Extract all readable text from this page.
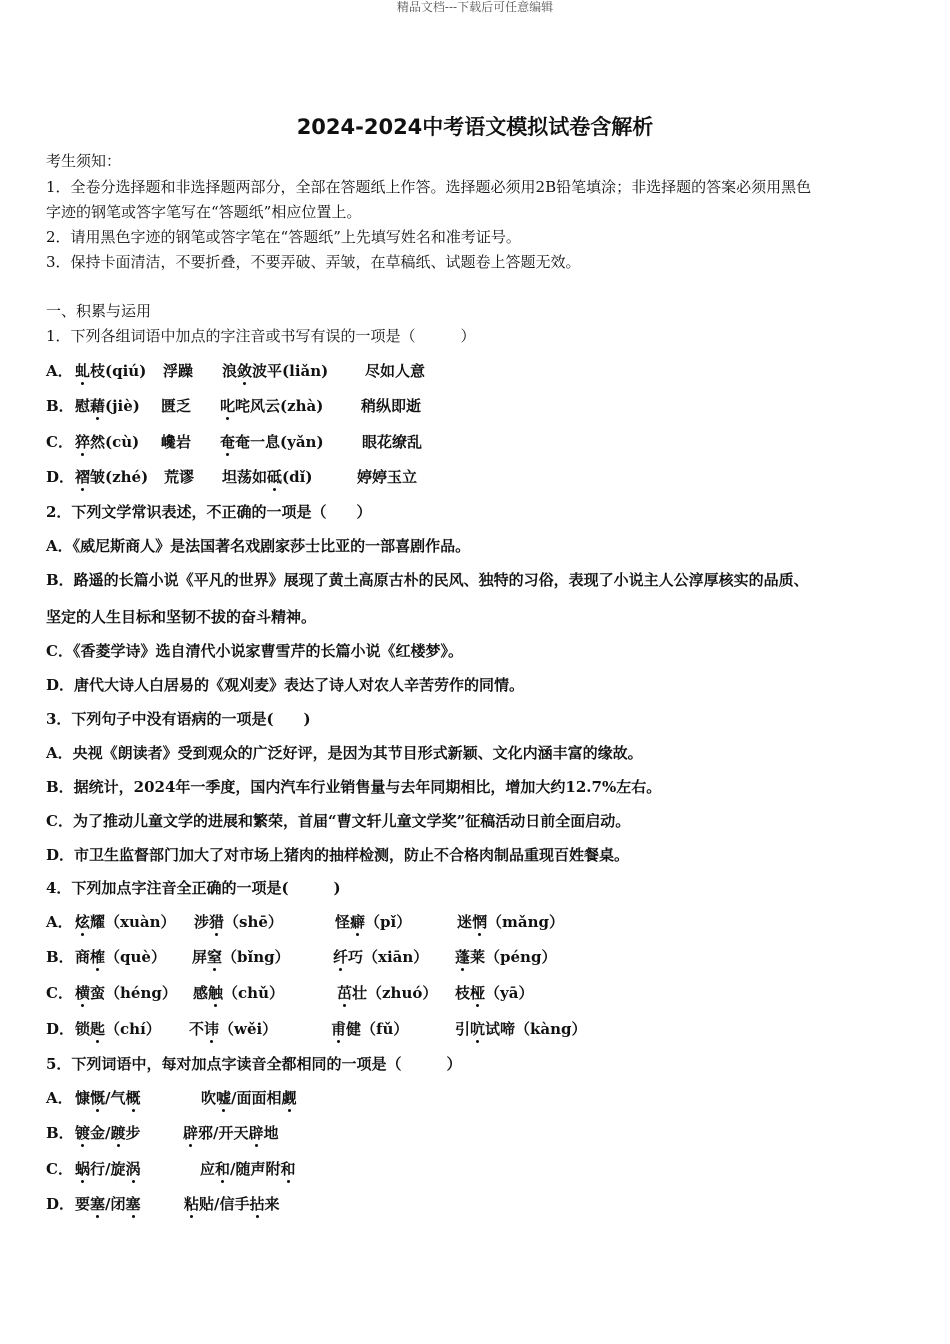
精品文档---下载后可任意编辑
2024-2024中考语文模拟试卷含解析
考生须知：
1．全卷分选择题和非选择题两部分，全部在答题纸上作答。选择题必须用2B铅笔填涂；非选择题的答案必须用黑色
字迹的钢笔或答字笔写在“答题纸”相应位置上。
2．请用黑色字迹的钢笔或答字笔在“答题纸”上先填写姓名和准考证号。
3．保持卡面清洁，不要折叠，不要弄破、弄皱，在草稿纸、试题卷上答题无效。
一、积累与运用
1．下列各组词语中加点的字注音或书写有误的一项是（　　　）
2．下列文学常识表述，不正确的一项是（　　）
A．《威尼斯商人》是法国著名戏剧家莎士比亚的一部喜剧作品。
B．路遥的长篇小说《平凡的世界》展现了黄土高原古朴的民风、独特的习俗，表现了小说主人公淳厚核实的品质、
坚定的人生目标和坚韧不拔的奋斗精神。
C．《香菱学诗》选自清代小说家曹雪芹的长篇小说《红楼梦》。
D．唐代大诗人白居易的《观刈麦》表达了诗人对农人辛苦劳作的同情。
3．下列句子中没有语病的一项是(　　)
A．央视《朗读者》受到观众的广泛好评，是因为其节目形式新颖、文化内涵丰富的缘故。
B．据统计，2024年一季度，国内汽车行业销售量与去年同期相比，增加大约12.7%左右。
C．为了推动儿童文学的进展和繁荣，首届“曹文轩儿童文学奖”征稿活动日前全面启动。
D．市卫生监督部门加大了对市场上猪肉的抽样检测，防止不合格肉制品重现百姓餐桌。
4．下列加点字注音全正确的一项是(　　　)
5．下列词语中，每对加点字读音全都相同的一项是（　　　）
A． 虬枝(qiú) 浮躁 浪敛波平(liǎn) 尽如人意
B． 慰藉(jiè) 匮乏 叱咤风云(zhà)	稍纵即逝
C． 猝然(cù) 巉岩 奄奄一息(yǎn)	眼花缭乱
D． 褶皱(zhé) 荒谬 坦荡如砥(dǐ)	婷婷玉立
A． 炫耀（xuàn） 涉猎（shē）	怪癖（pǐ）	迷惘（mǎng）
B． 商榷（què） 屏窒（bǐng）	纤巧（xiān） 蓬莱（péng）
C． 横蛮（héng） 感触（chǔ）	茁壮（zhuó） 枝桠（yā）
D． 锁匙（chí） 不讳（wěi）	甫健（fǔ）	引吭试啼（kàng）
A． 慷慨/气概	吹嘘/面面相觑
B． 镀金/踱步	辟邪/开天辟地
C． 蜗行/旋涡	应和/随声附和
D． 要塞/闭塞	粘贴/信手拈来
